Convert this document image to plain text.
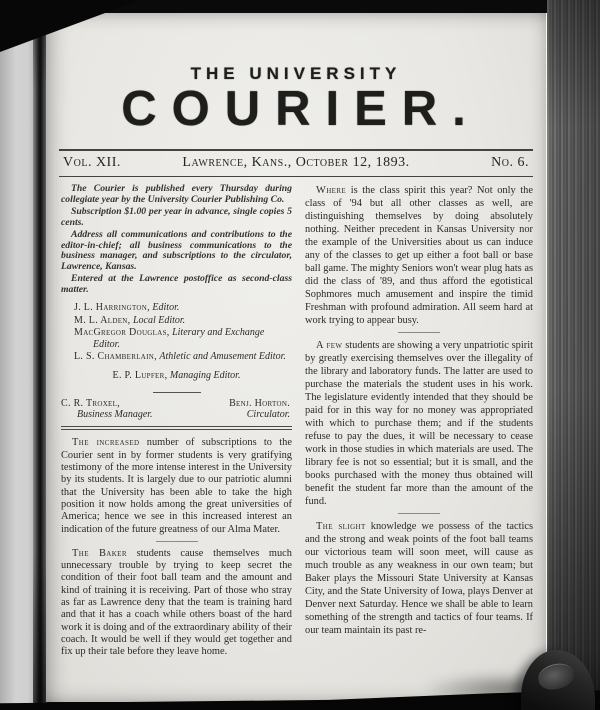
THE UNIVERSITY
COURIER.
Vol. XII.	Lawrence, Kans., October 12, 1893.	No. 6.

The Courier is published every Thursday during collegiate year by the University Courier Publishing Co.

Subscription $1.00 per year in advance, single copies 5 cents.

Address all communications and contributions to the editor-in-chief; all business communications to the business manager, and subscriptions to the circulator, Lawrence, Kansas.

Entered at the Lawrence postoffice as second-class matter.

J. L. Harrington, Editor.

M. L. Alden, Local Editor.

MacGregor Douglas, Literary and Exchange Editor.

L. S. Chamberlain, Athletic and Amusement Editor.

E. P. Lupfer, Managing Editor.

C. R. Troxel,
Business Manager.
Benj. Horton.
Circulator.

The increased number of subscriptions to the Courier sent in by former students is very gratifying testimony of the more intense interest in the University by its students. It is largely due to our patriotic alumni that the University has been able to take the high position it now holds among the great universities of America; hence we see in this increased interest an indication of the future greatness of our Alma Mater.

The Baker students cause themselves much unnecessary trouble by trying to keep secret the condition of their foot ball team and the amount and kind of training it is receiving. Part of those who stray as far as Lawrence deny that the team is training hard and that it has a coach while others boast of the hard work it is doing and of the extraordinary ability of their coach. It would be well if they would get together and fix up their tale before they leave home.

Where is the class spirit this year? Not only the class of '94 but all other classes as well, are distinguishing themselves by doing absolutely nothing. Neither precedent in Kansas University nor the example of the Universities about us can induce any of the classes to get up either a foot ball or base ball game. The mighty Seniors won't wear plug hats as did the class of '89, and thus afford the egotistical Sophmores much amusement and inspire the timid Freshman with profound admiration. All seem hard at work trying to appear busy.

A few students are showing a very unpatriotic spirit by greatly exercising themselves over the illegality of the library and laboratory funds. The latter are used to purchase the materials the student uses in his work. The legislature evidently intended that they should be paid for in this way for no money was appropriated with which to purchase them; and if the students refuse to pay the dues, it will be necessary to cease work in those studies in which materials are used. The library fee is not so essential; but it is small, and the books purchased with the money thus obtained will benefit the student far more than the amount of the fund.

The slight knowledge we possess of the tactics and the strong and weak points of the foot ball teams our victorious team will soon meet, will cause as much trouble as any weakness in our own team; but Baker plays the Missouri State University at Kansas City, and the State University of Iowa, plays Denver at Denver next Saturday. Hence we shall be able to learn something of the strength and tactics of four teams. If our team maintain its past re-
